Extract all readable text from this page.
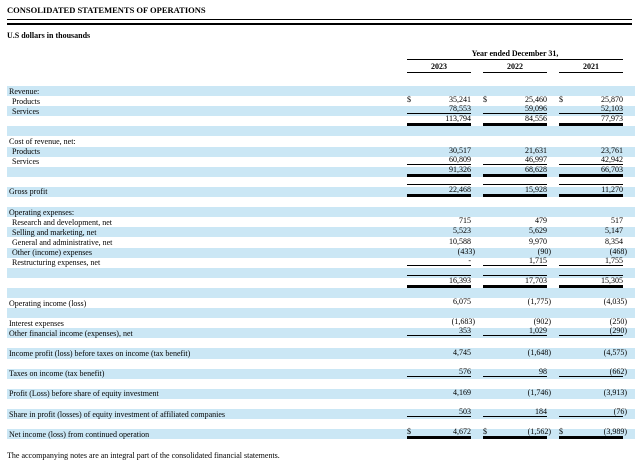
CONSOLIDATED STATEMENTS OF OPERATIONS
U.S dollars in thousands
Year ended December 31,
2023	2022	2021
Revenue:
Products	$	35,241 $	25,460 $	25,870
Services	78,553	59,096	52,103
113,794	84,556	77,973
Cost of revenue, net:
Products	30,517	21,631	23,761
Services	60,809	46,997	42,942
91,326	68,628	66,703
Gross profit	22,468	15,928	11,270
Operating expenses:
Research and development, net	715	479	517
Selling and marketing, net	5,523	5,629	5,147
General and administrative, net	10,588	9,970	8,354
Other (income) expenses	(433)	(90)	(468)
Restructuring expenses, net	-	1,715	1,755
16,393	17,703	15,305
Operating income (loss)	6,075	(1,775)	(4,035)
Interest expenses	(1,683)	(902)	(250)
Other financial income (expenses), net	353	1,029	(290)
Income profit (loss) before taxes on income (tax benefit)	4,745	(1,648)	(4,575)
Taxes on income (tax benefit)	576	98	(662)
Profit (Loss) before share of equity investment	4,169	(1,746)	(3,913)
Share in profit (losses) of equity investment of affiliated companies	503	184	(76)
Net income (loss) from continued operation	$	4,672 $	(1,562) $	(3,989)
The accompanying notes are an integral part of the consolidated financial statements.
